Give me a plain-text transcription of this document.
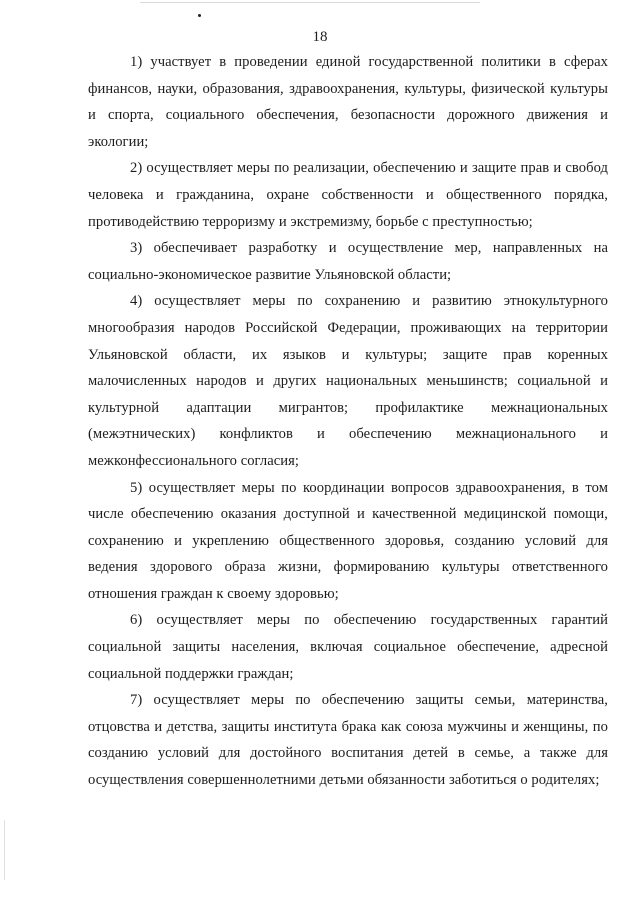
18

1) участвует в проведении единой государственной политики в сферах финансов, науки, образования, здравоохранения, культуры, физической культуры и спорта, социального обеспечения, безопасности дорожного движения и экологии;

2) осуществляет меры по реализации, обеспечению и защите прав и свобод человека и гражданина, охране собственности и общественного порядка, противодействию терроризму и экстремизму, борьбе с преступностью;

3) обеспечивает разработку и осуществление мер, направленных на социально-экономическое развитие Ульяновской области;

4) осуществляет меры по сохранению и развитию этнокультурного многообразия народов Российской Федерации, проживающих на территории Ульяновской области, их языков и культуры; защите прав коренных малочисленных народов и других национальных меньшинств; социальной и культурной адаптации мигрантов; профилактике межнациональных (межэтнических) конфликтов и обеспечению межнационального и межконфессионального согласия;

5) осуществляет меры по координации вопросов здравоохранения, в том числе обеспечению оказания доступной и качественной медицинской помощи, сохранению и укреплению общественного здоровья, созданию условий для ведения здорового образа жизни, формированию культуры ответственного отношения граждан к своему здоровью;

6) осуществляет меры по обеспечению государственных гарантий социальной защиты населения, включая социальное обеспечение, адресной социальной поддержки граждан;

7) осуществляет меры по обеспечению защиты семьи, материнства, отцовства и детства, защиты института брака как союза мужчины и женщины, по созданию условий для достойного воспитания детей в семье, а также для осуществления совершеннолетними детьми обязанности заботиться о родителях;
